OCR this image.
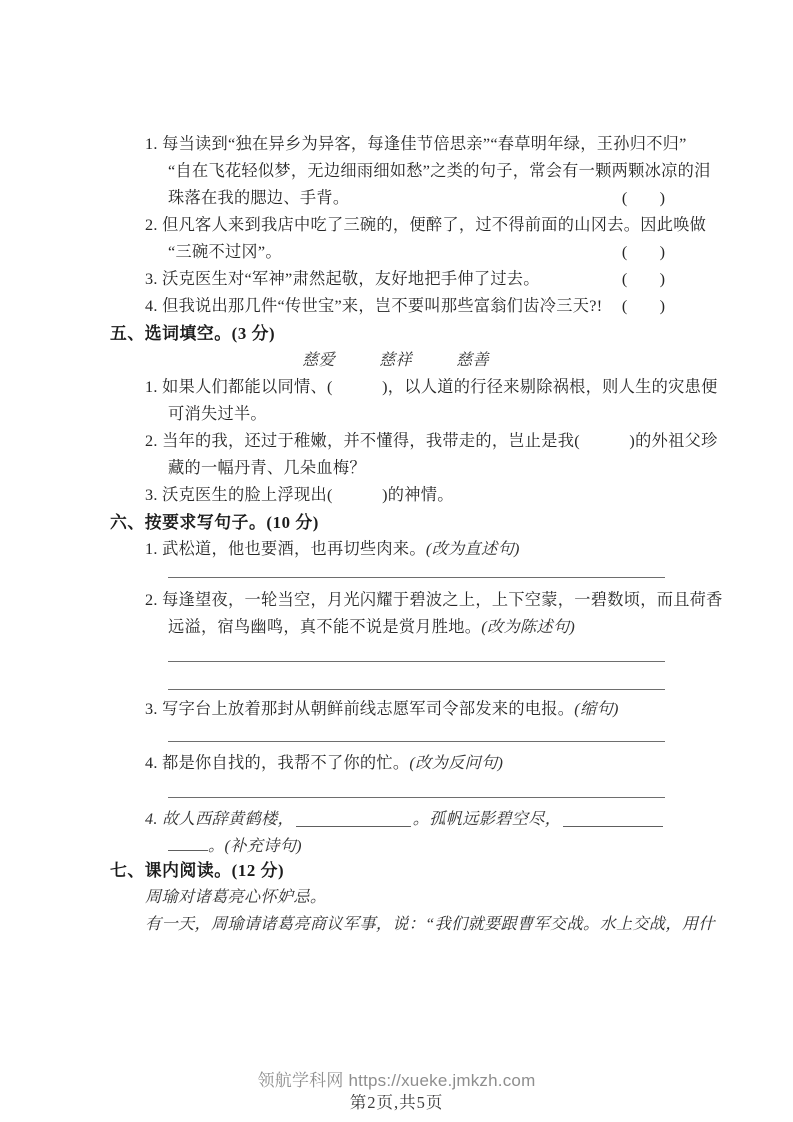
1. 每当读到“独在异乡为异客，每逢佳节倍思亲”“春草明年绿，王孙归不归”
“自在飞花轻似梦，无边细雨细如愁”之类的句子，常会有一颗两颗冰凉的泪
珠落在我的腮边、手背。	(　　)
2. 但凡客人来到我店中吃了三碗的，便醉了，过不得前面的山冈去。因此唤做
“三碗不过冈”。	(　　)
3. 沃克医生对“军神”肃然起敬，友好地把手伸了过去。	(　　)
4. 但我说出那几件“传世宝”来，岂不要叫那些富翁们齿冷三天?! (　　)
五、选词填空。(3 分)
慈爱	慈祥	慈善
1. 如果人们都能以同情、(　　　)，以人道的行径来剔除祸根，则人生的灾患便
可消失过半。
2. 当年的我，还过于稚嫩，并不懂得，我带走的，岂止是我(　　　)的外祖父珍
藏的一幅丹青、几朵血梅？
3. 沃克医生的脸上浮现出(　　　)的神情。
六、按要求写句子。(10 分)
1. 武松道，他也要酒，也再切些肉来。(改为直述句)
2. 每逢望夜，一轮当空，月光闪耀于碧波之上，上下空蒙，一碧数顷，而且荷香
远溢，宿鸟幽鸣，真不能不说是赏月胜地。(改为陈述句)
3. 写字台上放着那封从朝鲜前线志愿军司令部发来的电报。(缩句)
4. 都是你自找的，我帮不了你的忙。(改为反问句)
4. 故人西辞黄鹤楼，	。孤帆远影碧空尽，
。(补充诗句)
七、课内阅读。(12 分)
周瑜对诸葛亮心怀妒忌。
有一天，周瑜请诸葛亮商议军事，说：“我们就要跟曹军交战。水上交战，用什
领航学科网 https://xueke.jmkzh.com
第2页,共5页
